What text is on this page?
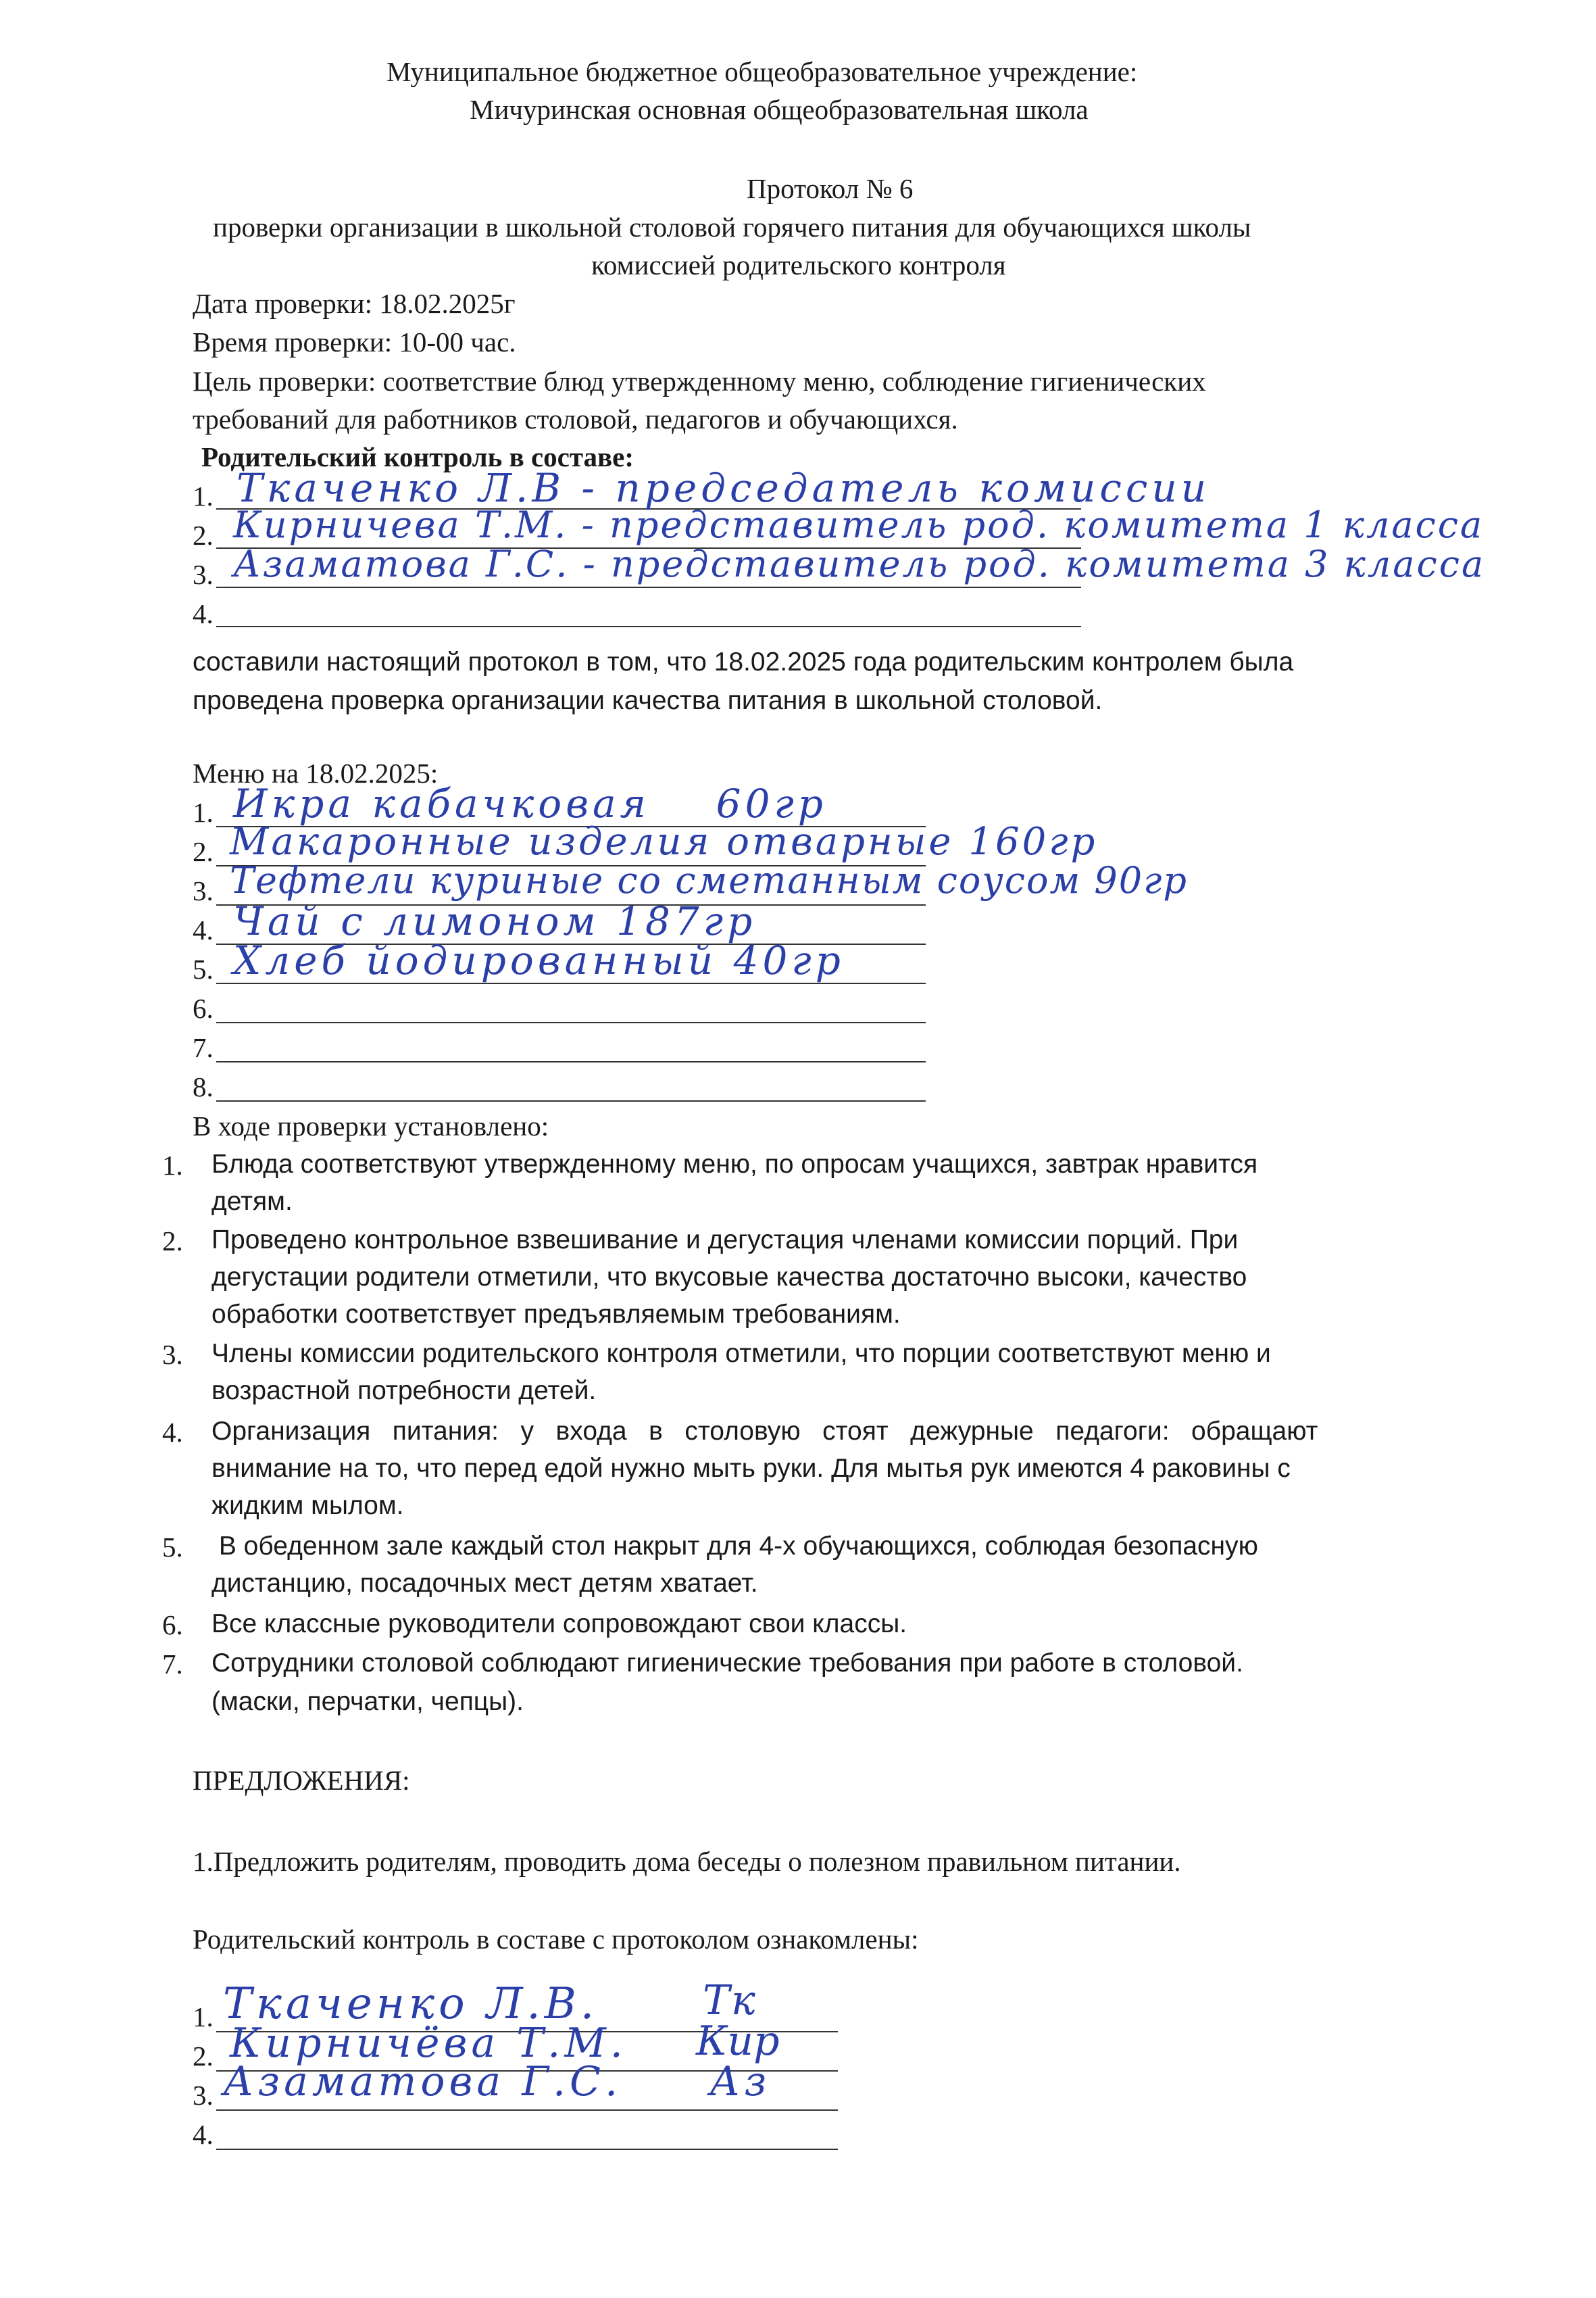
Муниципальное бюджетное общеобразовательное учреждение:
Мичуринская основная общеобразовательная школа
Протокол № 6
проверки организации в школьной столовой горячего питания для обучающихся школы
комиссией родительского контроля
Дата проверки: 18.02.2025г
Время проверки: 10-00 час.
Цель проверки: соответствие блюд утвержденному меню, соблюдение гигиенических
требований для работников столовой, педагогов и обучающихся.
Родительский контроль в составе:
1. Ткаченко Л.В - председатель комиссии
2. Кирничева Т.М. - представитель род. комитета 1 класса
3. Азаматова Г.С. - представитель род. комитета 3 класса
4.
составили настоящий протокол в том, что 18.02.2025 года родительским контролем была
проведена проверка организации качества питания в школьной столовой.
Меню на 18.02.2025:
1. Икра кабачковая    60гр
2. Макаронные изделия отварные 160гр
3. Тефтели куриные со сметанным соусом 90гр
4. Чай с лимоном 187гр
5. Хлеб йодированный 40гр
6.
7.
8.
В ходе проверки установлено:
1. Блюда соответствуют утвержденному меню, по опросам учащихся, завтрак нравится
детям.
2. Проведено контрольное взвешивание и дегустация членами комиссии порций. При
дегустации родители отметили, что вкусовые качества достаточно высоки, качество
обработки соответствует предъявляемым требованиям.
3. Члены комиссии родительского контроля отметили, что порции соответствуют меню и
возрастной потребности детей.
4. Организация   питания:   у   входа   в   столовую   стоят   дежурные   педагоги:   обращают
внимание на то, что перед едой нужно мыть руки. Для мытья рук имеются 4 раковины с
жидким мылом.
5. В обеденном зале каждый стол накрыт для 4-х обучающихся, соблюдая безопасную
дистанцию, посадочных мест детям хватает.
6. Все классные руководители сопровождают свои классы.
7. Сотрудники столовой соблюдают гигиенические требования при работе в столовой.
(маски, перчатки, чепцы).
ПРЕДЛОЖЕНИЯ:
1.Предложить родителям, проводить дома беседы о полезном правильном питании.
Родительский контроль в составе с протоколом ознакомлены:
1. Ткаченко Л.В.	Тк
2. Кирничёва Т.М. Кир
3. Азаматова Г.С. Аз
4.
